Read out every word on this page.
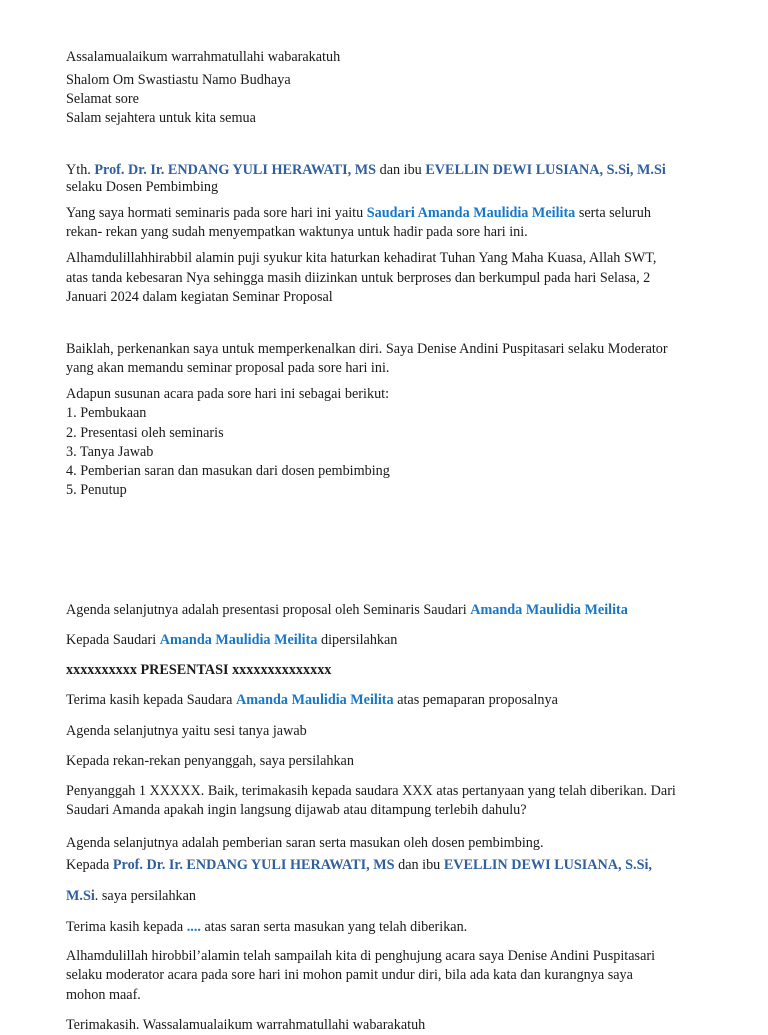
Assalamualaikum warrahmatullahi wabarakatuh
Shalom Om Swastiastu Namo Budhaya
Selamat sore
Salam sejahtera untuk kita semua
Yth. Prof. Dr. Ir. ENDANG YULI HERAWATI, MS dan ibu EVELLIN DEWI LUSIANA, S.Si, M.Si
selaku Dosen Pembimbing
Yang saya hormati seminaris pada sore hari ini yaitu Saudari Amanda Maulidia Meilita serta seluruh
rekan- rekan yang sudah menyempatkan waktunya untuk hadir pada sore hari ini.
Alhamdulillahhirabbil alamin puji syukur kita haturkan kehadirat Tuhan Yang Maha Kuasa, Allah SWT,
atas tanda kebesaran Nya sehingga masih diizinkan untuk berproses dan berkumpul pada hari Selasa, 2
Januari 2024 dalam kegiatan Seminar Proposal
Baiklah, perkenankan saya untuk memperkenalkan diri. Saya Denise Andini Puspitasari selaku Moderator
yang akan memandu seminar proposal pada sore hari ini.
Adapun susunan acara pada sore hari ini sebagai berikut:
1. Pembukaan
2. Presentasi oleh seminaris
3. Tanya Jawab
4. Pemberian saran dan masukan dari dosen pembimbing
5. Penutup
Agenda selanjutnya adalah presentasi proposal oleh Seminaris Saudari Amanda Maulidia Meilita
Kepada Saudari Amanda Maulidia Meilita dipersilahkan
xxxxxxxxxx PRESENTASI xxxxxxxxxxxxxx
Terima kasih kepada Saudara Amanda Maulidia Meilita atas pemaparan proposalnya
Agenda selanjutnya yaitu sesi tanya jawab
Kepada rekan-rekan penyanggah, saya persilahkan
Penyanggah 1 XXXXX. Baik, terimakasih kepada saudara XXX atas pertanyaan yang telah diberikan. Dari
Saudari Amanda apakah ingin langsung dijawab atau ditampung terlebih dahulu?
Agenda selanjutnya adalah pemberian saran serta masukan oleh dosen pembimbing.
Kepada Prof. Dr. Ir. ENDANG YULI HERAWATI, MS dan ibu EVELLIN DEWI LUSIANA, S.Si,
M.Si. saya persilahkan
Terima kasih kepada .... atas saran serta masukan yang telah diberikan.
Alhamdulillah hirobbil’alamin telah sampailah kita di penghujung acara saya Denise Andini Puspitasari
selaku moderator acara pada sore hari ini mohon pamit undur diri, bila ada kata dan kurangnya saya
mohon maaf.
Terimakasih. Wassalamualaikum warrahmatullahi wabarakatuh
